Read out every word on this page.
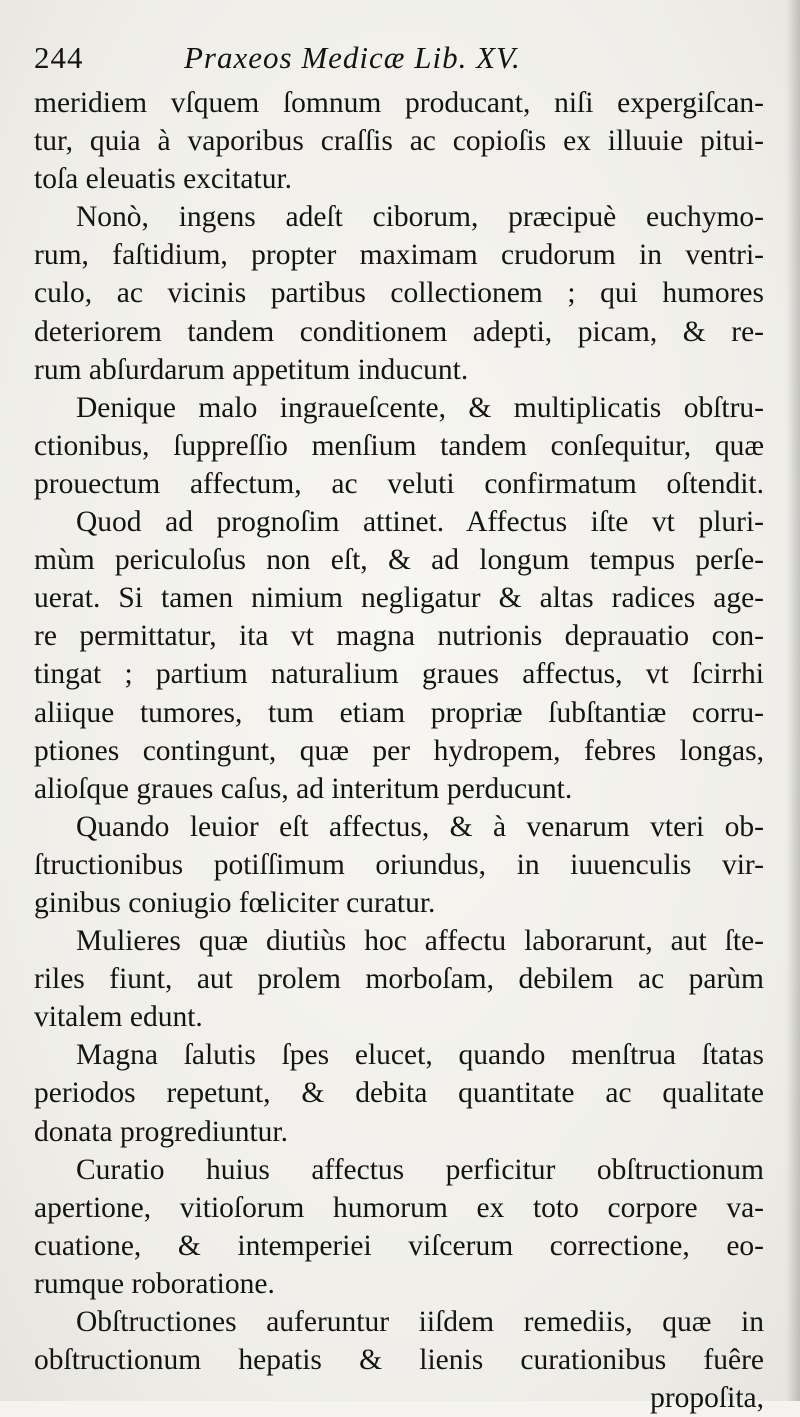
244	Praxeos Medicæ Lib. XV.
meridiem vſquem ſomnum producant, niſi expergiſcan-
tur, quia à vaporibus craſſis ac copioſis ex illuuie pitui-
toſa eleuatis excitatur.
Nonò, ingens adeſt ciborum, præcipuè euchymo-
rum, faſtidium, propter maximam crudorum in ventri-
culo, ac vicinis partibus collectionem ; qui humores
deteriorem tandem conditionem adepti, picam, & re-
rum abſurdarum appetitum inducunt.
Denique malo ingraueſcente, & multiplicatis obſtru-
ctionibus, ſuppreſſio menſium tandem conſequitur, quæ
prouectum affectum, ac veluti confirmatum oſtendit.
Quod ad prognoſim attinet. Affectus iſte vt pluri-
mùm periculoſus non eſt, & ad longum tempus perſe-
uerat. Si tamen nimium negligatur & altas radices age-
re permittatur, ita vt magna nutrionis deprauatio con-
tingat ; partium naturalium graues affectus, vt ſcirrhi
aliique tumores, tum etiam propriæ ſubſtantiæ corru-
ptiones contingunt, quæ per hydropem, febres longas,
alioſque graues caſus, ad interitum perducunt.
Quando leuior eſt affectus, & à venarum vteri ob-
ſtructionibus potiſſimum oriundus, in iuuenculis vir-
ginibus coniugio fœliciter curatur.
Mulieres quæ diutiùs hoc affectu laborarunt, aut ſte-
riles fiunt, aut prolem morboſam, debilem ac parùm
vitalem edunt.
Magna ſalutis ſpes elucet, quando menſtrua ſtatas
periodos repetunt, & debita quantitate ac qualitate
donata progrediuntur.
Curatio huius affectus perficitur obſtructionum
apertione, vitioſorum humorum ex toto corpore va-
cuatione, & intemperiei viſcerum correctione, eo-
rumque roboratione.
Obſtructiones auferuntur iiſdem remediis, quæ in
obſtructionum hepatis & lienis curationibus fuêre
propoſita,
